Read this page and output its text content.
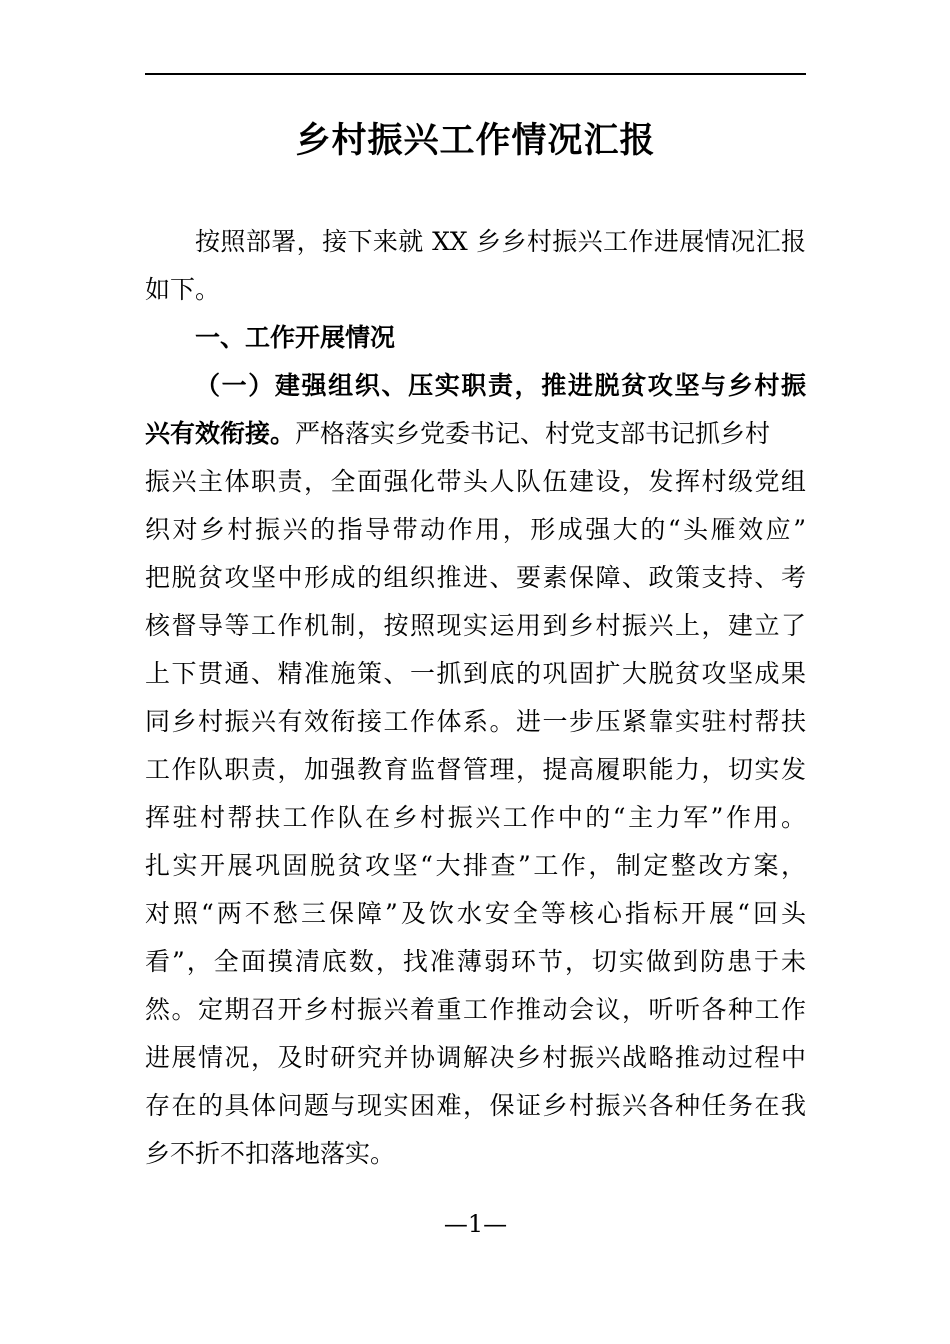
乡村振兴工作情况汇报
按照部署，接下来就 XX 乡乡村振兴工作进展情况汇报
如下。
一、工作开展情况
（一）建强组织、压实职责，推进脱贫攻坚与乡村振
兴有效衔接。严格落实乡党委书记、村党支部书记抓乡村
振兴主体职责，全面强化带头人队伍建设，发挥村级党组
织对乡村振兴的指导带动作用，形成强大的“头雁效应”
把脱贫攻坚中形成的组织推进、要素保障、政策支持、考
核督导等工作机制，按照现实运用到乡村振兴上，建立了
上下贯通、精准施策、一抓到底的巩固扩大脱贫攻坚成果
同乡村振兴有效衔接工作体系。进一步压紧靠实驻村帮扶
工作队职责，加强教育监督管理，提高履职能力，切实发
挥驻村帮扶工作队在乡村振兴工作中的“主力军”作用。
扎实开展巩固脱贫攻坚“大排查”工作，制定整改方案，
对照“两不愁三保障”及饮水安全等核心指标开展“回头
看”，全面摸清底数，找准薄弱环节，切实做到防患于未
然。定期召开乡村振兴着重工作推动会议，听听各种工作
进展情况，及时研究并协调解决乡村振兴战略推动过程中
存在的具体问题与现实困难，保证乡村振兴各种任务在我
乡不折不扣落地落实。
—1—
